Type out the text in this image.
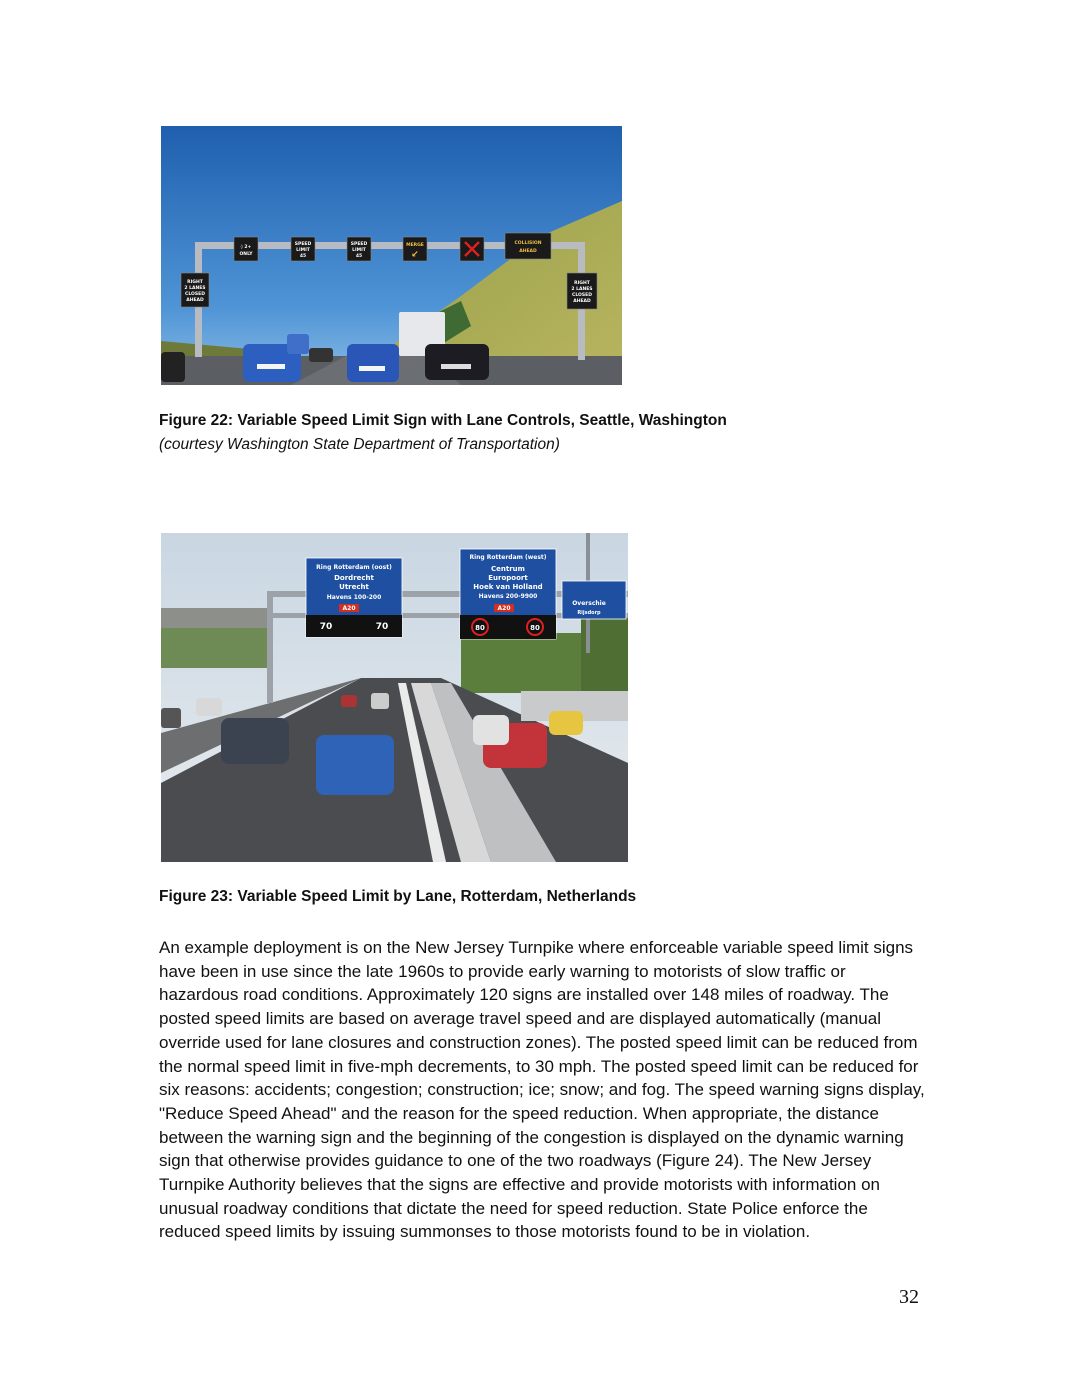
RIGHT
2 LANES
CLOSED
AHEAD
RIGHT
2 LANES
CLOSED
AHEAD
◊ 2+
ONLY
SPEED
LIMIT
45
SPEED
LIMIT
45
MERGE
↙
COLLISION
AHEAD
Figure 22: Variable Speed Limit Sign with Lane Controls, Seattle, Washington
(courtesy Washington State Department of Transportation)
Ring Rotterdam (oost)
Dordrecht
Utrecht
Havens 100-200
A20
70	70
Ring Rotterdam (west)
Centrum
Europoort
Hoek van Holland
Havens 200-9900
A20
80	80
Overschie
Rijsdorp
Figure 23: Variable Speed Limit by Lane, Rotterdam, Netherlands

An example deployment is on the New Jersey Turnpike where enforceable variable speed limit signs have been in use since the late 1960s to provide early warning to motorists of slow traffic or hazardous road conditions. Approximately 120 signs are installed over 148 miles of roadway. The posted speed limits are based on average travel speed and are displayed automatically (manual override used for lane closures and construction zones). The posted speed limit can be reduced from the normal speed limit in five-mph decrements, to 30 mph. The posted speed limit can be reduced for six reasons: accidents; congestion; construction; ice; snow; and fog. The speed warning signs display, "Reduce Speed Ahead" and the reason for the speed reduction. When appropriate, the distance between the warning sign and the beginning of the congestion is displayed on the dynamic warning sign that otherwise provides guidance to one of the two roadways (Figure 24). The New Jersey Turnpike Authority believes that the signs are effective and provide motorists with information on unusual roadway conditions that dictate the need for speed reduction. State Police enforce the reduced speed limits by issuing summonses to those motorists found to be in violation.

32
